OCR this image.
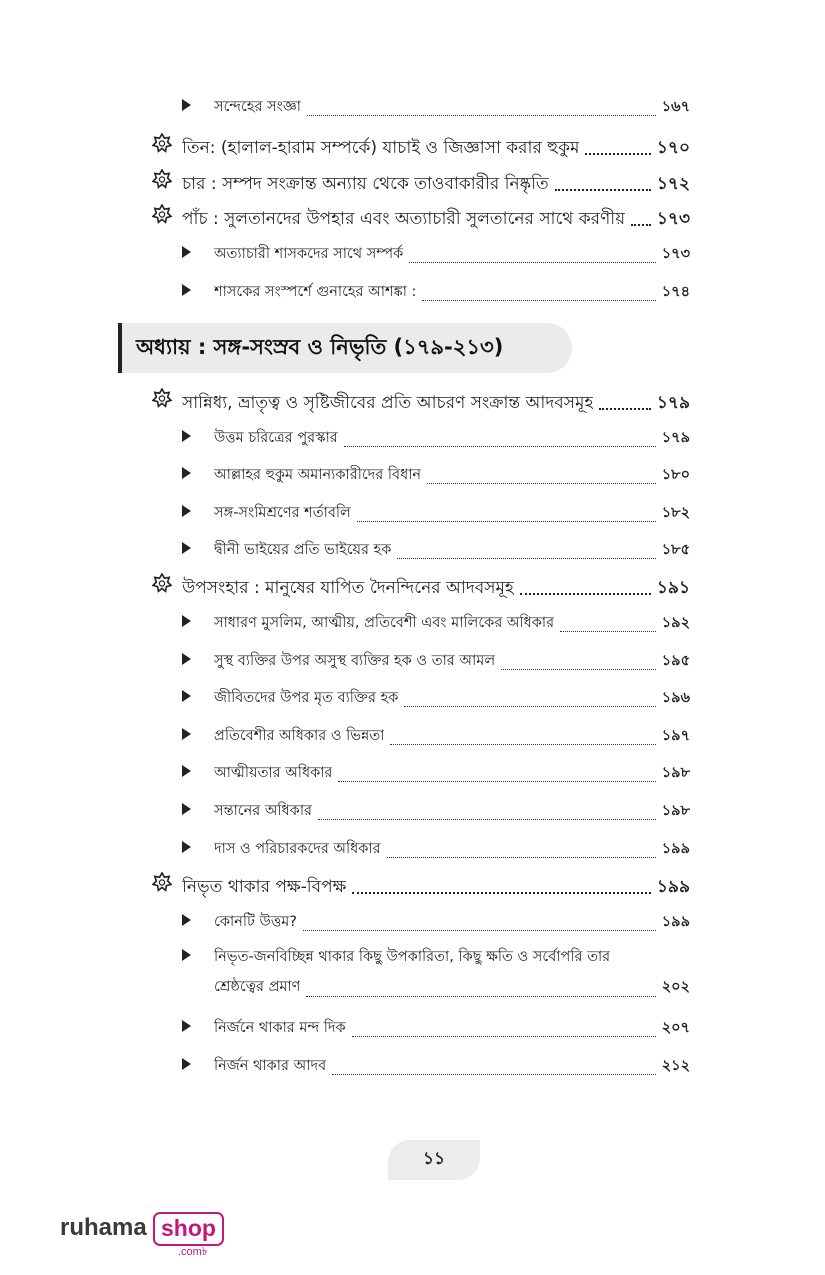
সন্দেহের সংজ্ঞা	১৬৭
তিন: (হালাল-হারাম সম্পর্কে) যাচাই ও জিজ্ঞাসা করার হুকুম	১৭০
চার : সম্পদ সংক্রান্ত অন্যায় থেকে তাওবাকারীর নিষ্কৃতি	১৭২
পাঁচ : সুলতানদের উপহার এবং অত্যাচারী সুলতানের সাথে করণীয় ১৭৩
অত্যাচারী শাসকদের সাথে সম্পর্ক	১৭৩
শাসকের সংস্পর্শে গুনাহের আশঙ্কা :	১৭৪
অধ্যায় : সঙ্গ-সংস্রব ও নিভৃতি (১৭৯-২১৩)
সান্নিধ্য, ভ্রাতৃত্ব ও সৃষ্টিজীবের প্রতি আচরণ সংক্রান্ত আদবসমূহ	১৭৯
উত্তম চরিত্রের পুরস্কার	১৭৯
আল্লাহর হুকুম অমান্যকারীদের বিধান	১৮০
সঙ্গ-সংমিশ্রণের শর্তাবলি	১৮২
দ্বীনী ভাইয়ের প্রতি ভাইয়ের হক	১৮৫
উপসংহার : মানুষের যাপিত দৈনন্দিনের আদবসমূহ	১৯১
সাধারণ মুসলিম, আত্মীয়, প্রতিবেশী এবং মালিকের অধিকার	১৯২
সুস্থ ব্যক্তির উপর অসুস্থ ব্যক্তির হক ও তার আমল	১৯৫
জীবিতদের উপর মৃত ব্যক্তির হক	১৯৬
প্রতিবেশীর অধিকার ও ভিন্নতা	১৯৭
আত্মীয়তার অধিকার	১৯৮
সন্তানের অধিকার	১৯৮
দাস ও পরিচারকদের অধিকার	১৯৯
নিভৃত থাকার পক্ষ-বিপক্ষ	১৯৯
কোনটি উত্তম?	১৯৯
নিভৃত-জনবিচ্ছিন্ন থাকার কিছু উপকারিতা, কিছু ক্ষতি ও সর্বোপরি তার
শ্রেষ্ঠত্বের প্রমাণ	২০২
নির্জনে থাকার মন্দ দিক	২০৭
নির্জন থাকার আদব	২১২
১১
ruhama shop
.com৳
